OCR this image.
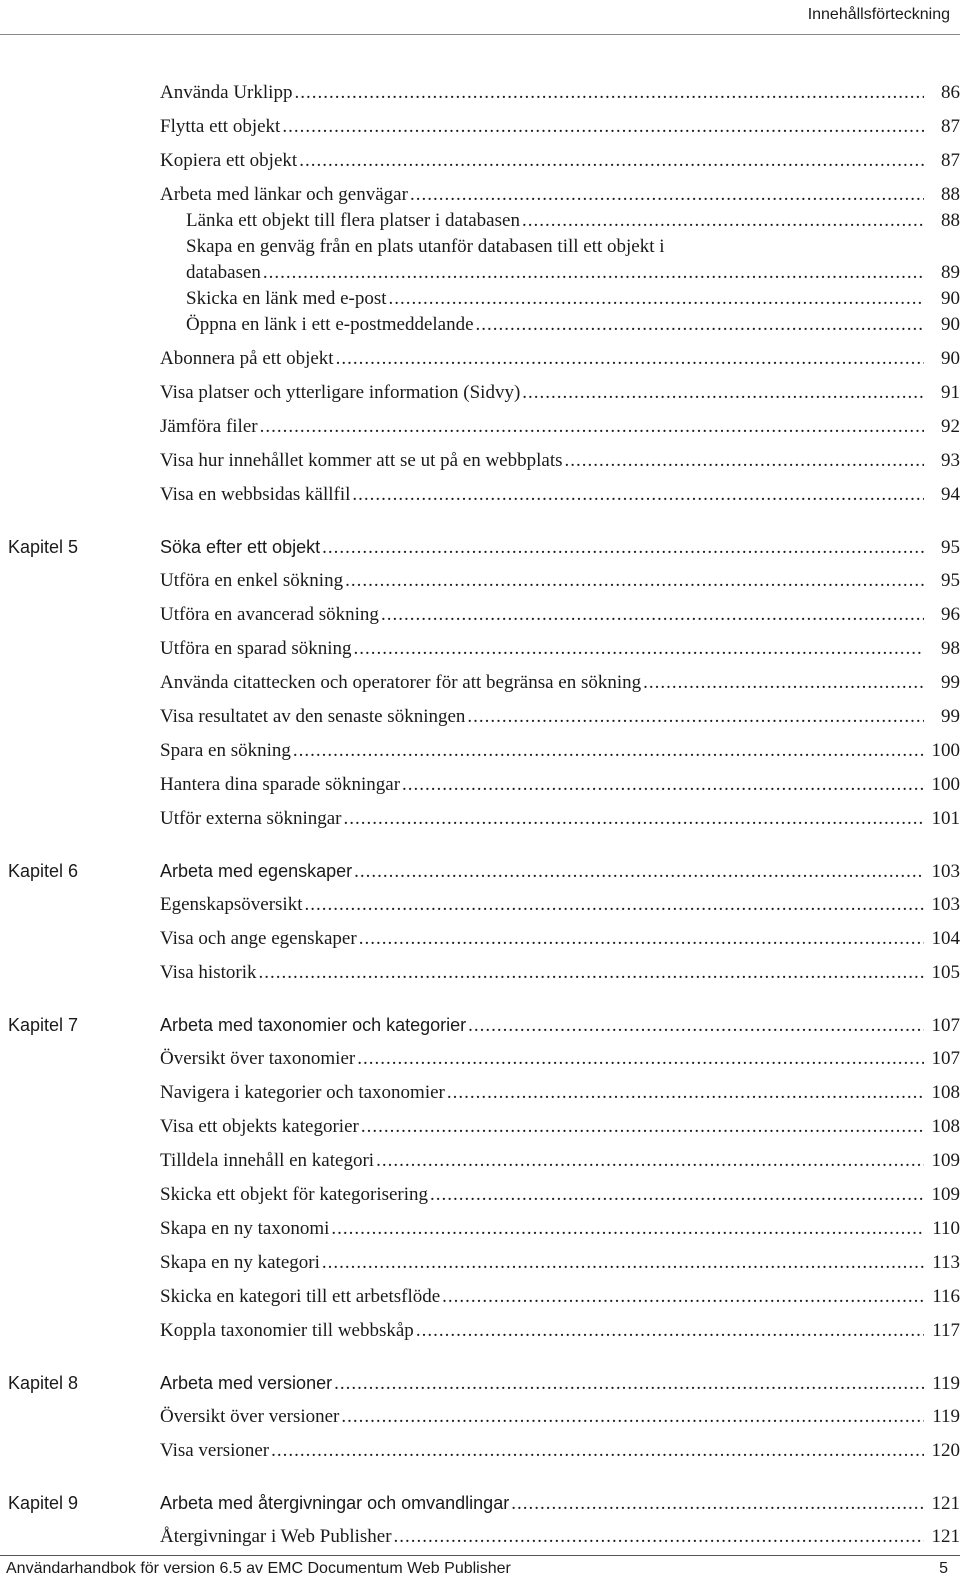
Innehållsförteckning
Använda Urklipp .....	86
Flytta ett objekt .....	87
Kopiera ett objekt .....	87
Arbeta med länkar och genvägar .....	88
Länka ett objekt till flera platser i databasen .....	88
Skapa en genväg från en plats utanför databasen till ett objekt i
databasen .....	89
Skicka en länk med e-post .....	90
Öppna en länk i ett e-postmeddelande .....	90
Abonnera på ett objekt .....	90
Visa platser och ytterligare information (Sidvy) .....	91
Jämföra filer .....	92
Visa hur innehållet kommer att se ut på en webbplats .....	93
Visa en webbsidas källfil .....	94
Kapitel 5	Söka efter ett objekt .....	95
Utföra en enkel sökning .....	95
Utföra en avancerad sökning .....	96
Utföra en sparad sökning .....	98
Använda citattecken och operatorer för att begränsa en sökning .....	99
Visa resultatet av den senaste sökningen .....	99
Spara en sökning .....	100
Hantera dina sparade sökningar .....	100
Utför externa sökningar .....	101
Kapitel 6	Arbeta med egenskaper .....	103
Egenskapsöversikt .....	103
Visa och ange egenskaper .....	104
Visa historik .....	105
Kapitel 7	Arbeta med taxonomier och kategorier .....	107
Översikt över taxonomier .....	107
Navigera i kategorier och taxonomier .....	108
Visa ett objekts kategorier .....	108
Tilldela innehåll en kategori .....	109
Skicka ett objekt för kategorisering .....	109
Skapa en ny taxonomi .....	110
Skapa en ny kategori .....	113
Skicka en kategori till ett arbetsflöde .....	116
Koppla taxonomier till webbskåp .....	117
Kapitel 8	Arbeta med versioner .....	119
Översikt över versioner .....	119
Visa versioner .....	120
Kapitel 9	Arbeta med återgivningar och omvandlingar .....	121
Återgivningar i Web Publisher .....	121
Användarhandbok för version 6.5 av EMC Documentum Web Publisher	5
